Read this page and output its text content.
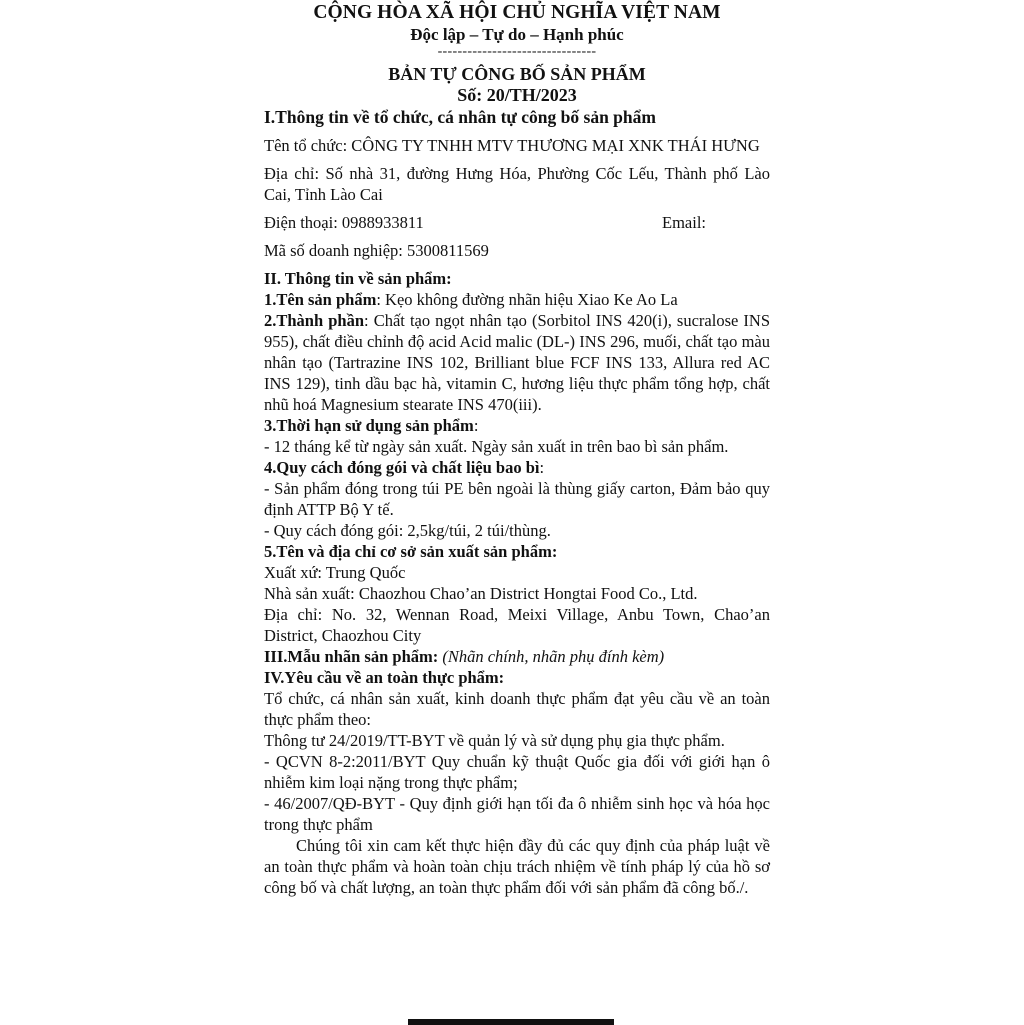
CỘNG HÒA XÃ HỘI CHỦ NGHĨA VIỆT NAM
Độc lập – Tự do – Hạnh phúc
--------------------------------
BẢN TỰ CÔNG BỐ SẢN PHẨM
Số: 20/TH/2023
I.Thông tin về tổ chức, cá nhân tự công bố sản phẩm
Tên tổ chức: CÔNG TY TNHH MTV THƯƠNG MẠI XNK THÁI HƯNG
Địa chỉ: Số nhà 31, đường Hưng Hóa, Phường Cốc Lếu, Thành phố Lào Cai, Tỉnh Lào Cai
Điện thoại: 0988933811	Email:
Mã số doanh nghiệp: 5300811569
II. Thông tin về sản phẩm:
1.Tên sản phẩm: Kẹo không đường nhãn hiệu Xiao Ke Ao La
2.Thành phần: Chất tạo ngọt nhân tạo (Sorbitol INS 420(i), sucralose INS 955), chất điều chỉnh độ acid Acid malic (DL-) INS 296, muối, chất tạo màu nhân tạo (Tartrazine INS 102, Brilliant blue FCF INS 133, Allura red AC INS 129), tinh dầu bạc hà, vitamin C, hương liệu thực phẩm tổng hợp, chất nhũ hoá Magnesium stearate INS 470(iii).
3.Thời hạn sử dụng sản phẩm:
- 12 tháng kể từ ngày sản xuất. Ngày sản xuất in trên bao bì sản phẩm.
4.Quy cách đóng gói và chất liệu bao bì:
- Sản phẩm đóng trong túi PE bên ngoài là thùng giấy carton, Đảm bảo quy định ATTP Bộ Y tế.
- Quy cách đóng gói: 2,5kg/túi, 2 túi/thùng.
5.Tên và địa chỉ cơ sở sản xuất sản phẩm:
Xuất xứ: Trung Quốc
Nhà sản xuất: Chaozhou Chao’an District Hongtai Food Co., Ltd.
Địa chỉ: No. 32, Wennan Road, Meixi Village, Anbu Town, Chao’an District, Chaozhou City
III.Mẫu nhãn sản phẩm: (Nhãn chính, nhãn phụ đính kèm)
IV.Yêu cầu về an toàn thực phẩm:
Tổ chức, cá nhân sản xuất, kinh doanh thực phẩm đạt yêu cầu về an toàn thực phẩm theo:
Thông tư 24/2019/TT-BYT về quản lý và sử dụng phụ gia thực phẩm.
- QCVN 8-2:2011/BYT Quy chuẩn kỹ thuật Quốc gia đối với giới hạn ô nhiễm kim loại nặng trong thực phẩm;
- 46/2007/QĐ-BYT - Quy định giới hạn tối đa ô nhiễm sinh học và hóa học trong thực phẩm
Chúng tôi xin cam kết thực hiện đầy đủ các quy định của pháp luật về an toàn thực phẩm và hoàn toàn chịu trách nhiệm về tính pháp lý của hồ sơ công bố và chất lượng, an toàn thực phẩm đối với sản phẩm đã công bố./.
